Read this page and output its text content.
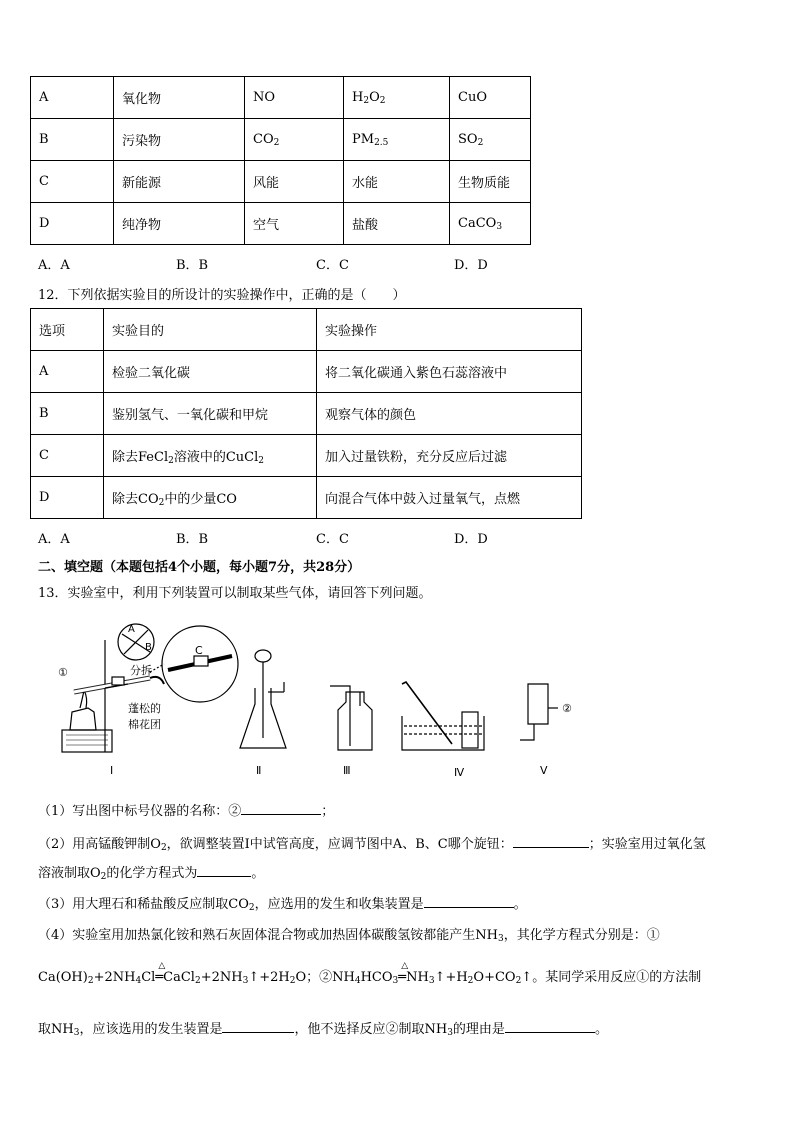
A	氧化物	NO	$H_2O_2$	CuO
B	污染物	$CO_2$	$PM_{2.5}$	$SO_2$
C	新能源	风能	水能	生物质能
D	纯净物	空气	盐酸	CaCO$_3$

A．A

	B．B

	C．C

	D．D

12．下列依据实验目的所设计的实验操作中，正确的是（　　）
选项	实验目的	实验操作
A	检验二氧化碳	将二氧化碳通入紫色石蕊溶液中
B	鉴别氢气、一氧化碳和甲烷	观察气体的颜色
C	除去FeCl$_2$溶液中的CuCl$_2$	加入过量铁粉，充分反应后过滤
D	除去$CO_2$中的少量CO	向混合气体中鼓入过量氧气，点燃

A．A

	B．B

	C．C

	D．D

二、填空题（本题包括4个小题，每小题7分，共28分）
13．实验室中，利用下列装置可以制取某些气体，请回答下列问题。
①
B
A
C
分拆
蓬松的
棉花团
②
Ⅰ	Ⅱ	Ⅲ	Ⅳ	Ⅴ
（1）写出图中标号仪器的名称：②	；
（2）用高锰酸钾制$O_2$，欲调整装置Ⅰ中试管高度，应调节图中A、B、C哪个旋钮：	；实验室用过氧化氢
溶液制取$O_2$的化学方程式为	。
（3）用大理石和稀盐酸反应制取$CO_2$，应选用的发生和收集装置是	。
（4）实验室用加热氯化铵和熟石灰固体混合物或加热固体碳酸氢铵都能产生$NH_3$，其化学方程式分别是：①
$Ca(OH)_2+2NH_4Cl$
△
$═CaCl_2+2NH_3↑+2H_2O$；$②NH_4HCO_3$
△
$═NH_3↑+H_2O+CO_2↑$。某同学采用反应①的方法制
取$NH_3$，应该选用的发生装置是	，他不选择反应②制取$NH_3$的理由是	。
